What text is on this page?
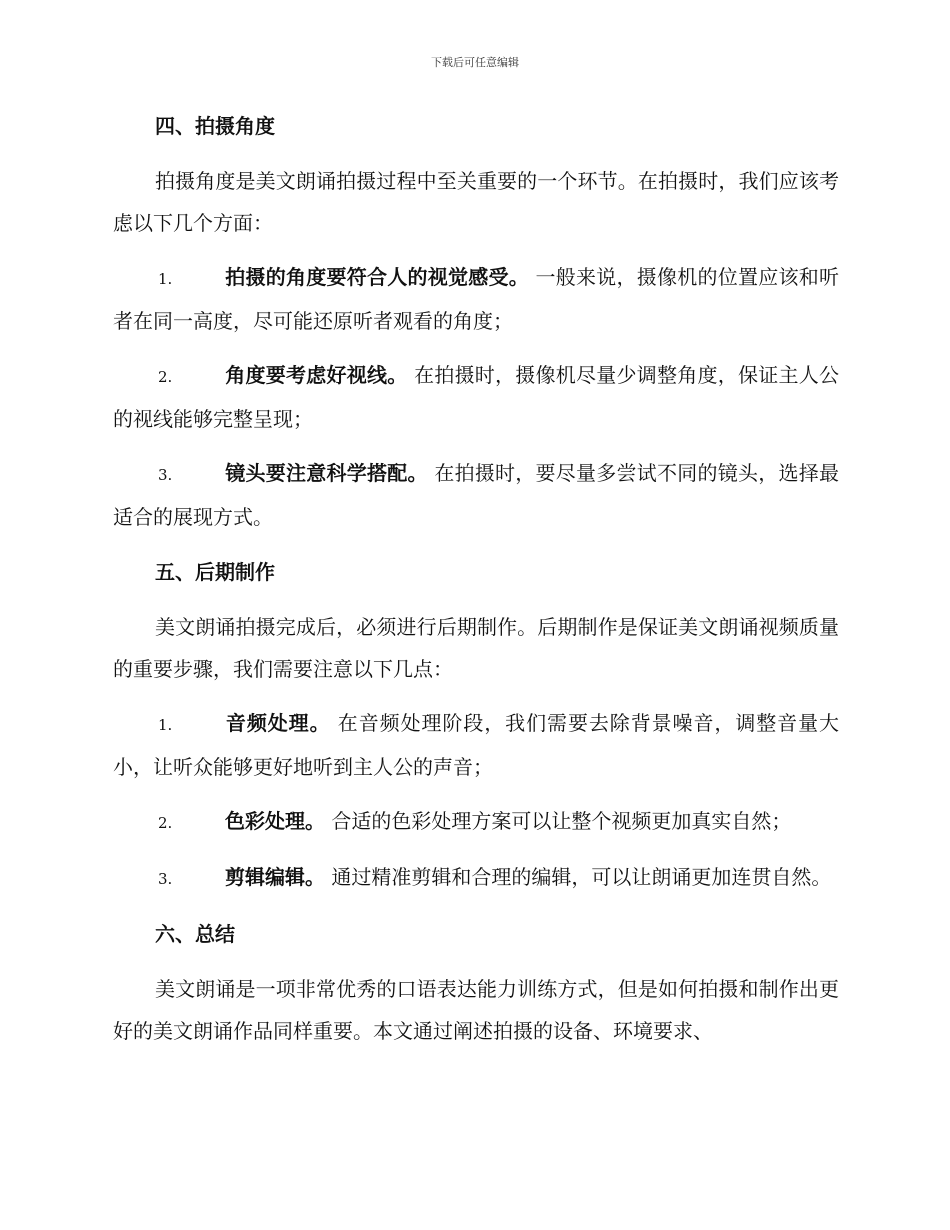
下载后可任意编辑
四、拍摄角度

拍摄角度是美文朗诵拍摄过程中至关重要的一个环节。在拍摄时，我们应该考虑以下几个方面：

1.	拍摄的角度要符合人的视觉感受。 一般来说，摄像机的位置应该和听者在同一高度，尽可能还原听者观看的角度；

2.	角度要考虑好视线。 在拍摄时，摄像机尽量少调整角度，保证主人公的视线能够完整呈现；

3.	镜头要注意科学搭配。 在拍摄时，要尽量多尝试不同的镜头，选择最适合的展现方式。

五、后期制作

美文朗诵拍摄完成后，必须进行后期制作。后期制作是保证美文朗诵视频质量的重要步骤，我们需要注意以下几点：

1.	音频处理。 在音频处理阶段，我们需要去除背景噪音，调整音量大小，让听众能够更好地听到主人公的声音；

2.	色彩处理。 合适的色彩处理方案可以让整个视频更加真实自然；

3.	剪辑编辑。 通过精准剪辑和合理的编辑，可以让朗诵更加连贯自然。

六、总结

美文朗诵是一项非常优秀的口语表达能力训练方式，但是如何拍摄和制作出更好的美文朗诵作品同样重要。本文通过阐述拍摄的设备、环境要求、
